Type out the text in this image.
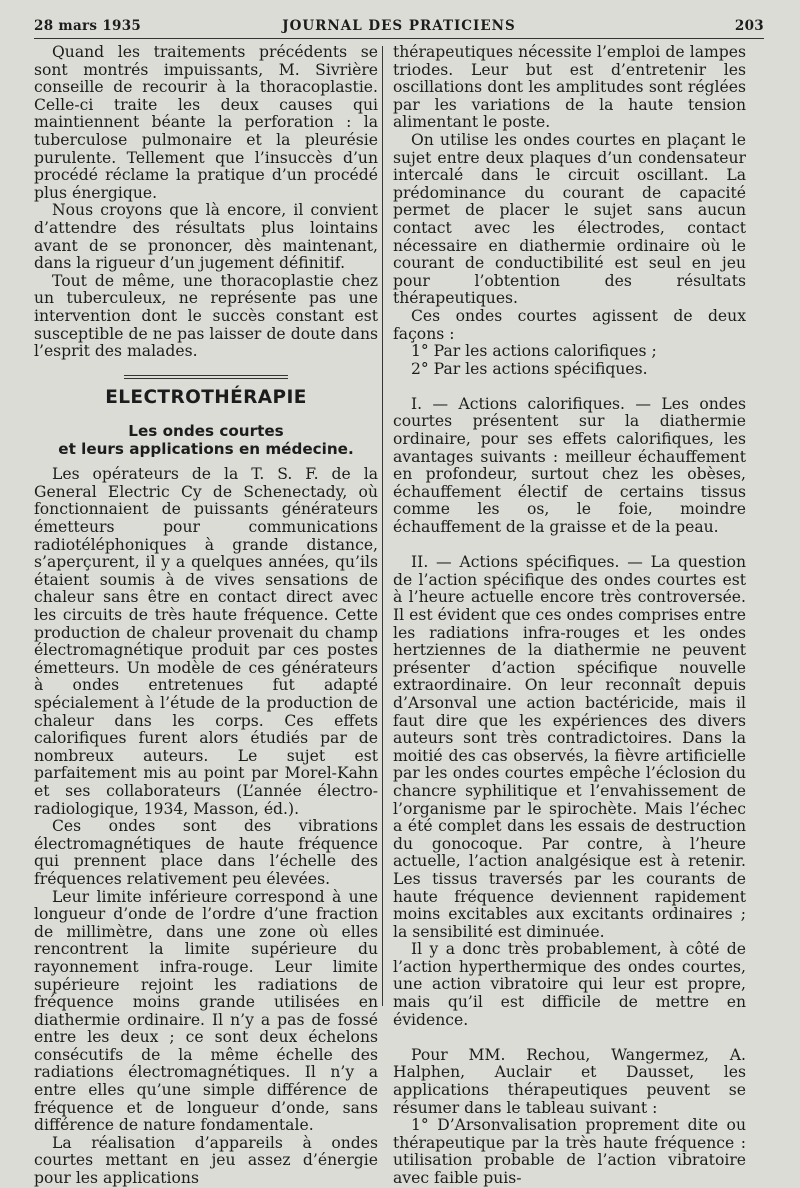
28 mars 1935	JOURNAL DES PRATICIENS	203

Quand les traitements précédents se sont montrés impuissants, M. Sivrière conseille de recourir à la thoracoplastie. Celle-ci traite les deux causes qui maintiennent béante la perforation : la tuberculose pulmonaire et la pleurésie purulente. Tellement que l’insuccès d’un procédé réclame la pratique d’un procédé plus énergique.

Nous croyons que là encore, il convient d’attendre des résultats plus lointains avant de se prononcer, dès maintenant, dans la rigueur d’un jugement définitif.

Tout de même, une thoracoplastie chez un tuberculeux, ne représente pas une intervention dont le succès constant est susceptible de ne pas laisser de doute dans l’esprit des malades.

ELECTROTHÉRAPIE

Les ondes courtes
et leurs applications en médecine.

Les opérateurs de la T. S. F. de la General Electric Cy de Schenectady, où fonctionnaient de puissants générateurs émetteurs pour communications radiotéléphoniques à grande distance, s’aperçurent, il y a quelques années, qu’ils étaient soumis à de vives sensations de chaleur sans être en contact direct avec les circuits de très haute fréquence. Cette production de chaleur provenait du champ électromagnétique produit par ces postes émetteurs. Un modèle de ces générateurs à ondes entretenues fut adapté spécialement à l’étude de la production de chaleur dans les corps. Ces effets calorifiques furent alors étudiés par de nombreux auteurs. Le sujet est parfaitement mis au point par Morel-Kahn et ses collaborateurs (L’année électro-radiologique, 1934, Masson, éd.).

Ces ondes sont des vibrations électromagnétiques de haute fréquence qui prennent place dans l’échelle des fréquences relativement peu élevées.

Leur limite inférieure correspond à une longueur d’onde de l’ordre d’une fraction de millimètre, dans une zone où elles rencontrent la limite supérieure du rayonnement infra-rouge. Leur limite supérieure rejoint les radiations de fréquence moins grande utilisées en diathermie ordinaire. Il n’y a pas de fossé entre les deux ; ce sont deux échelons consécutifs de la même échelle des radiations électromagnétiques. Il n’y a entre elles qu’une simple différence de fréquence et de longueur d’onde, sans différence de nature fondamentale.

La réalisation d’appareils à ondes courtes mettant en jeu assez d’énergie pour les applications

thérapeutiques nécessite l’emploi de lampes triodes. Leur but est d’entretenir les oscillations dont les amplitudes sont réglées par les variations de la haute tension alimentant le poste.

On utilise les ondes courtes en plaçant le sujet entre deux plaques d’un condensateur intercalé dans le circuit oscillant. La prédominance du courant de capacité permet de placer le sujet sans aucun contact avec les électrodes, contact nécessaire en diathermie ordinaire où le courant de conductibilité est seul en jeu pour l’obtention des résultats thérapeutiques.

Ces ondes courtes agissent de deux façons :

1° Par les actions calorifiques ;

2° Par les actions spécifiques.

I. — Actions calorifiques. — Les ondes courtes présentent sur la diathermie ordinaire, pour ses effets calorifiques, les avantages suivants : meilleur échauffement en profondeur, surtout chez les obèses, échauffement électif de certains tissus comme les os, le foie, moindre échauffement de la graisse et de la peau.

II. — Actions spécifiques. — La question de l’action spécifique des ondes courtes est à l’heure actuelle encore très controversée. Il est évident que ces ondes comprises entre les radiations infra-rouges et les ondes hertziennes de la diathermie ne peuvent présenter d’action spécifique nouvelle extraordinaire. On leur reconnaît depuis d’Arsonval une action bactéricide, mais il faut dire que les expériences des divers auteurs sont très contradictoires. Dans la moitié des cas observés, la fièvre artificielle par les ondes courtes empêche l’éclosion du chancre syphilitique et l’envahissement de l’organisme par le spirochète. Mais l’échec a été complet dans les essais de destruction du gonocoque. Par contre, à l’heure actuelle, l’action analgésique est à retenir. Les tissus traversés par les courants de haute fréquence deviennent rapidement moins excitables aux excitants ordinaires ; la sensibilité est diminuée.

Il y a donc très probablement, à côté de l’action hyperthermique des ondes courtes, une action vibratoire qui leur est propre, mais qu’il est difficile de mettre en évidence.

Pour MM. Rechou, Wangermez, A. Halphen, Auclair et Dausset, les applications thérapeutiques peuvent se résumer dans le tableau suivant :

1° D’Arsonvalisation proprement dite ou thérapeutique par la très haute fréquence : utilisation probable de l’action vibratoire avec faible puis-
